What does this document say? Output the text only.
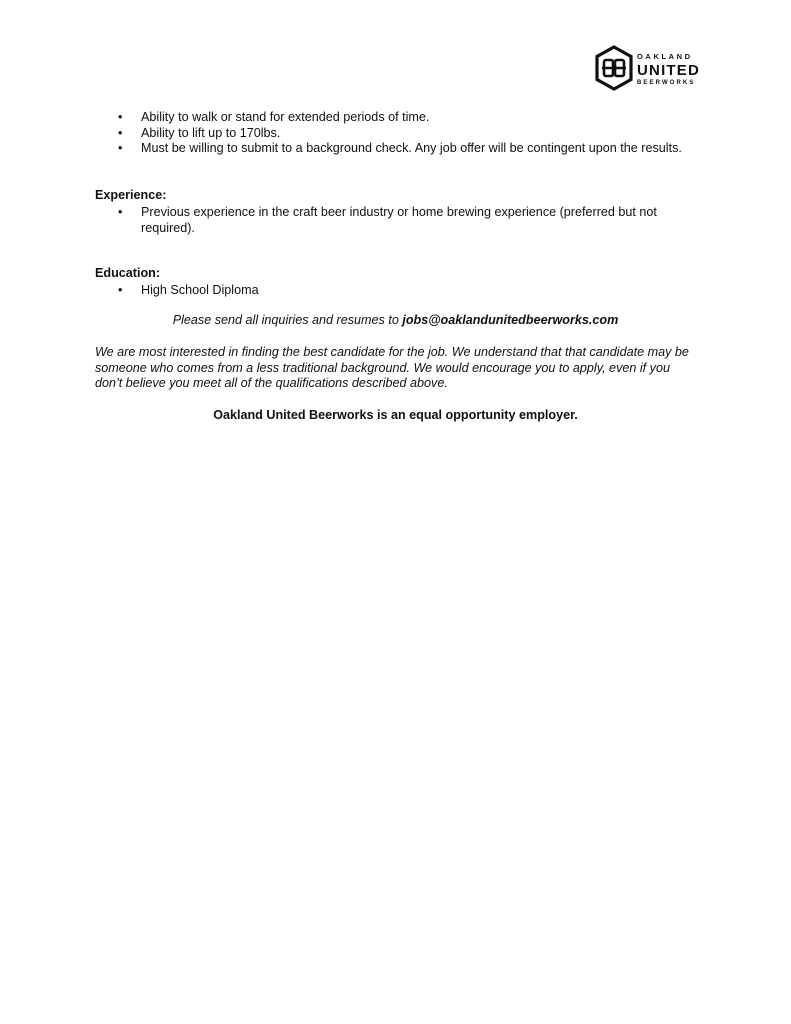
OAKLAND
UNITED
BEERWORKS
• Ability to walk or stand for extended periods of time.
• Ability to lift up to 170lbs.
• Must be willing to submit to a background check. Any job offer will be contingent upon the results.
Experience:
• Previous experience in the craft beer industry or home brewing experience (preferred but not required).
Education:
• High School Diploma
Please send all inquiries and resumes to jobs@oaklandunitedbeerworks.com
We are most interested in finding the best candidate for the job. We understand that that candidate may be someone who comes from a less traditional background. We would encourage you to apply, even if you don’t believe you meet all of the qualifications described above.
Oakland United Beerworks is an equal opportunity employer.
